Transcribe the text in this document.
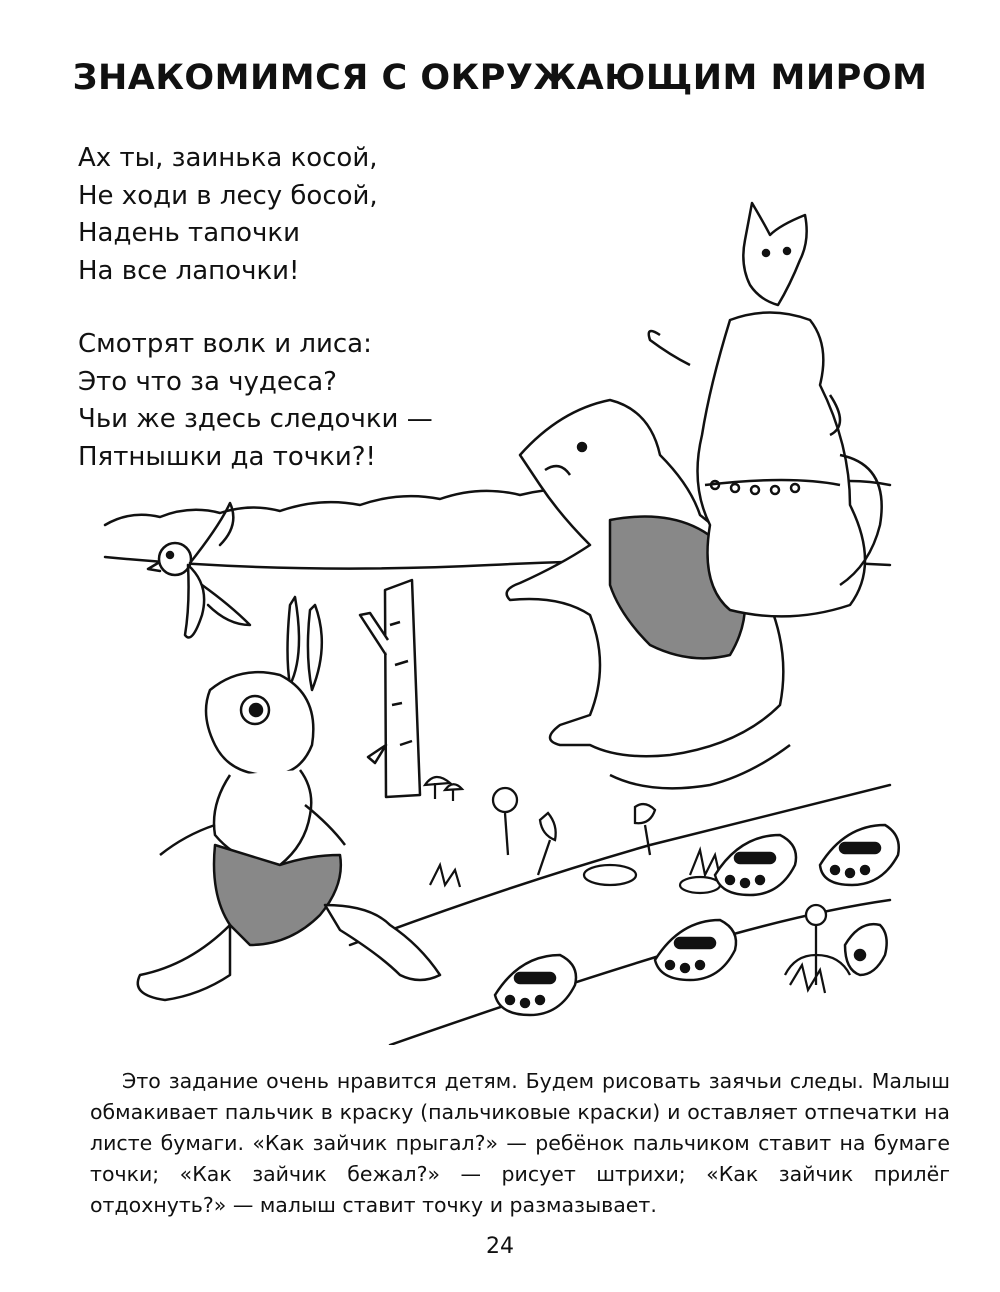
ЗНАКОМИМСЯ С ОКРУЖАЮЩИМ МИРОМ

Ах ты, заинька косой,
Не ходи в лесу босой,
Надень тапочки
На все лапочки!

Смотрят волк и лиса:
Это что за чудеса?
Чьи же здесь следочки —
Пятнышки да точки?!

Это задание очень нравится детям. Будем рисовать заячьи следы. Малыш обмакивает пальчик в краску (пальчиковые краски) и оставляет отпечатки на листе бумаги. «Как зайчик прыгал?» — ребёнок пальчиком ставит на бумаге точки; «Как зайчик бежал?» — рисует штрихи; «Как зайчик прилёг отдохнуть?» — малыш ставит точку и размазывает.

24
